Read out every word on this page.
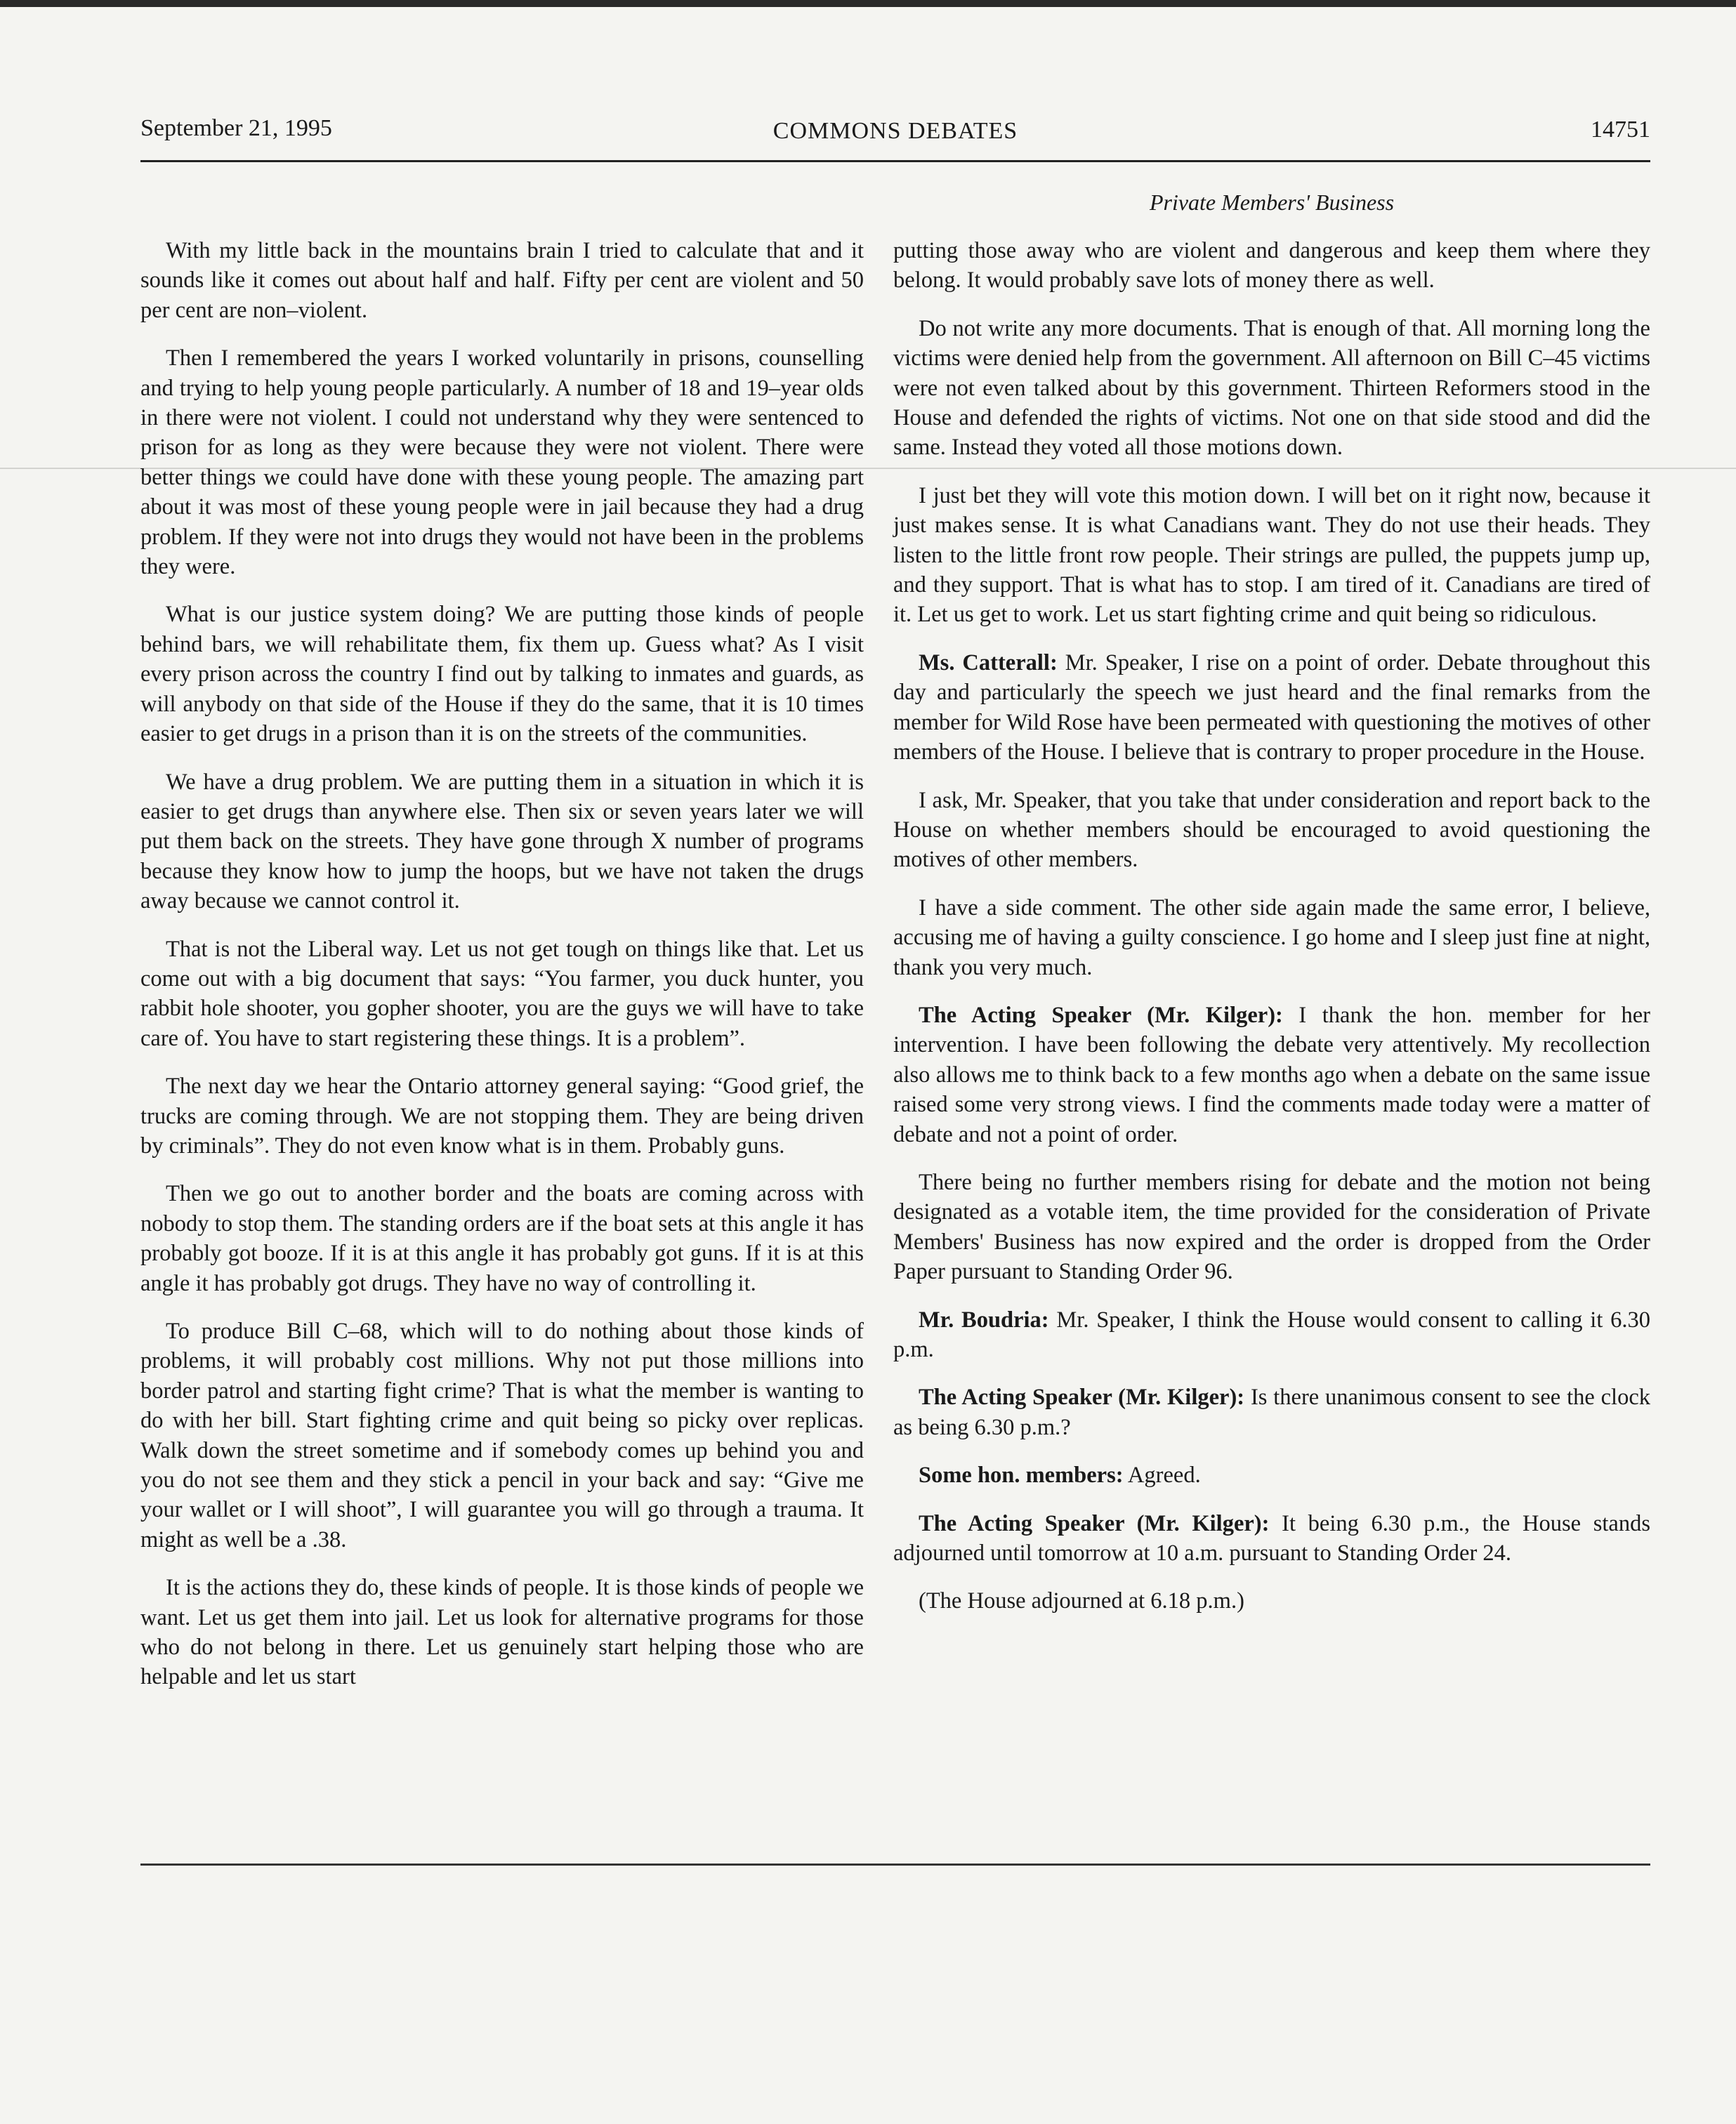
September 21, 1995	COMMONS DEBATES	14751
Private Members' Business

With my little back in the mountains brain I tried to calculate that and it sounds like it comes out about half and half. Fifty per cent are violent and 50 per cent are non–violent.

Then I remembered the years I worked voluntarily in prisons, counselling and trying to help young people particularly. A number of 18 and 19–year olds in there were not violent. I could not understand why they were sentenced to prison for as long as they were because they were not violent. There were better things we could have done with these young people. The amazing part about it was most of these young people were in jail because they had a drug problem. If they were not into drugs they would not have been in the problems they were.

What is our justice system doing? We are putting those kinds of people behind bars, we will rehabilitate them, fix them up. Guess what? As I visit every prison across the country I find out by talking to inmates and guards, as will anybody on that side of the House if they do the same, that it is 10 times easier to get drugs in a prison than it is on the streets of the communities.

We have a drug problem. We are putting them in a situation in which it is easier to get drugs than anywhere else. Then six or seven years later we will put them back on the streets. They have gone through X number of programs because they know how to jump the hoops, but we have not taken the drugs away because we cannot control it.

That is not the Liberal way. Let us not get tough on things like that. Let us come out with a big document that says: “You farmer, you duck hunter, you rabbit hole shooter, you gopher shooter, you are the guys we will have to take care of. You have to start registering these things. It is a problem”.

The next day we hear the Ontario attorney general saying: “Good grief, the trucks are coming through. We are not stopping them. They are being driven by criminals”. They do not even know what is in them. Probably guns.

Then we go out to another border and the boats are coming across with nobody to stop them. The standing orders are if the boat sets at this angle it has probably got booze. If it is at this angle it has probably got guns. If it is at this angle it has probably got drugs. They have no way of controlling it.

To produce Bill C–68, which will to do nothing about those kinds of problems, it will probably cost millions. Why not put those millions into border patrol and starting fight crime? That is what the member is wanting to do with her bill. Start fighting crime and quit being so picky over replicas. Walk down the street sometime and if somebody comes up behind you and you do not see them and they stick a pencil in your back and say: “Give me your wallet or I will shoot”, I will guarantee you will go through a trauma. It might as well be a .38.

It is the actions they do, these kinds of people. It is those kinds of people we want. Let us get them into jail. Let us look for alternative programs for those who do not belong in there. Let us genuinely start helping those who are helpable and let us start

putting those away who are violent and dangerous and keep them where they belong. It would probably save lots of money there as well.

Do not write any more documents. That is enough of that. All morning long the victims were denied help from the government. All afternoon on Bill C–45 victims were not even talked about by this government. Thirteen Reformers stood in the House and defended the rights of victims. Not one on that side stood and did the same. Instead they voted all those motions down.

I just bet they will vote this motion down. I will bet on it right now, because it just makes sense. It is what Canadians want. They do not use their heads. They listen to the little front row people. Their strings are pulled, the puppets jump up, and they support. That is what has to stop. I am tired of it. Canadians are tired of it. Let us get to work. Let us start fighting crime and quit being so ridiculous.

Ms. Catterall: Mr. Speaker, I rise on a point of order. Debate throughout this day and particularly the speech we just heard and the final remarks from the member for Wild Rose have been permeated with questioning the motives of other members of the House. I believe that is contrary to proper procedure in the House.

I ask, Mr. Speaker, that you take that under consideration and report back to the House on whether members should be encouraged to avoid questioning the motives of other members.

I have a side comment. The other side again made the same error, I believe, accusing me of having a guilty conscience. I go home and I sleep just fine at night, thank you very much.

The Acting Speaker (Mr. Kilger): I thank the hon. member for her intervention. I have been following the debate very attentively. My recollection also allows me to think back to a few months ago when a debate on the same issue raised some very strong views. I find the comments made today were a matter of debate and not a point of order.

There being no further members rising for debate and the motion not being designated as a votable item, the time provided for the consideration of Private Members' Business has now expired and the order is dropped from the Order Paper pursuant to Standing Order 96.

Mr. Boudria: Mr. Speaker, I think the House would consent to calling it 6.30 p.m.

The Acting Speaker (Mr. Kilger): Is there unanimous consent to see the clock as being 6.30 p.m.?

Some hon. members: Agreed.

The Acting Speaker (Mr. Kilger): It being 6.30 p.m., the House stands adjourned until tomorrow at 10 a.m. pursuant to Standing Order 24.

(The House adjourned at 6.18 p.m.)
